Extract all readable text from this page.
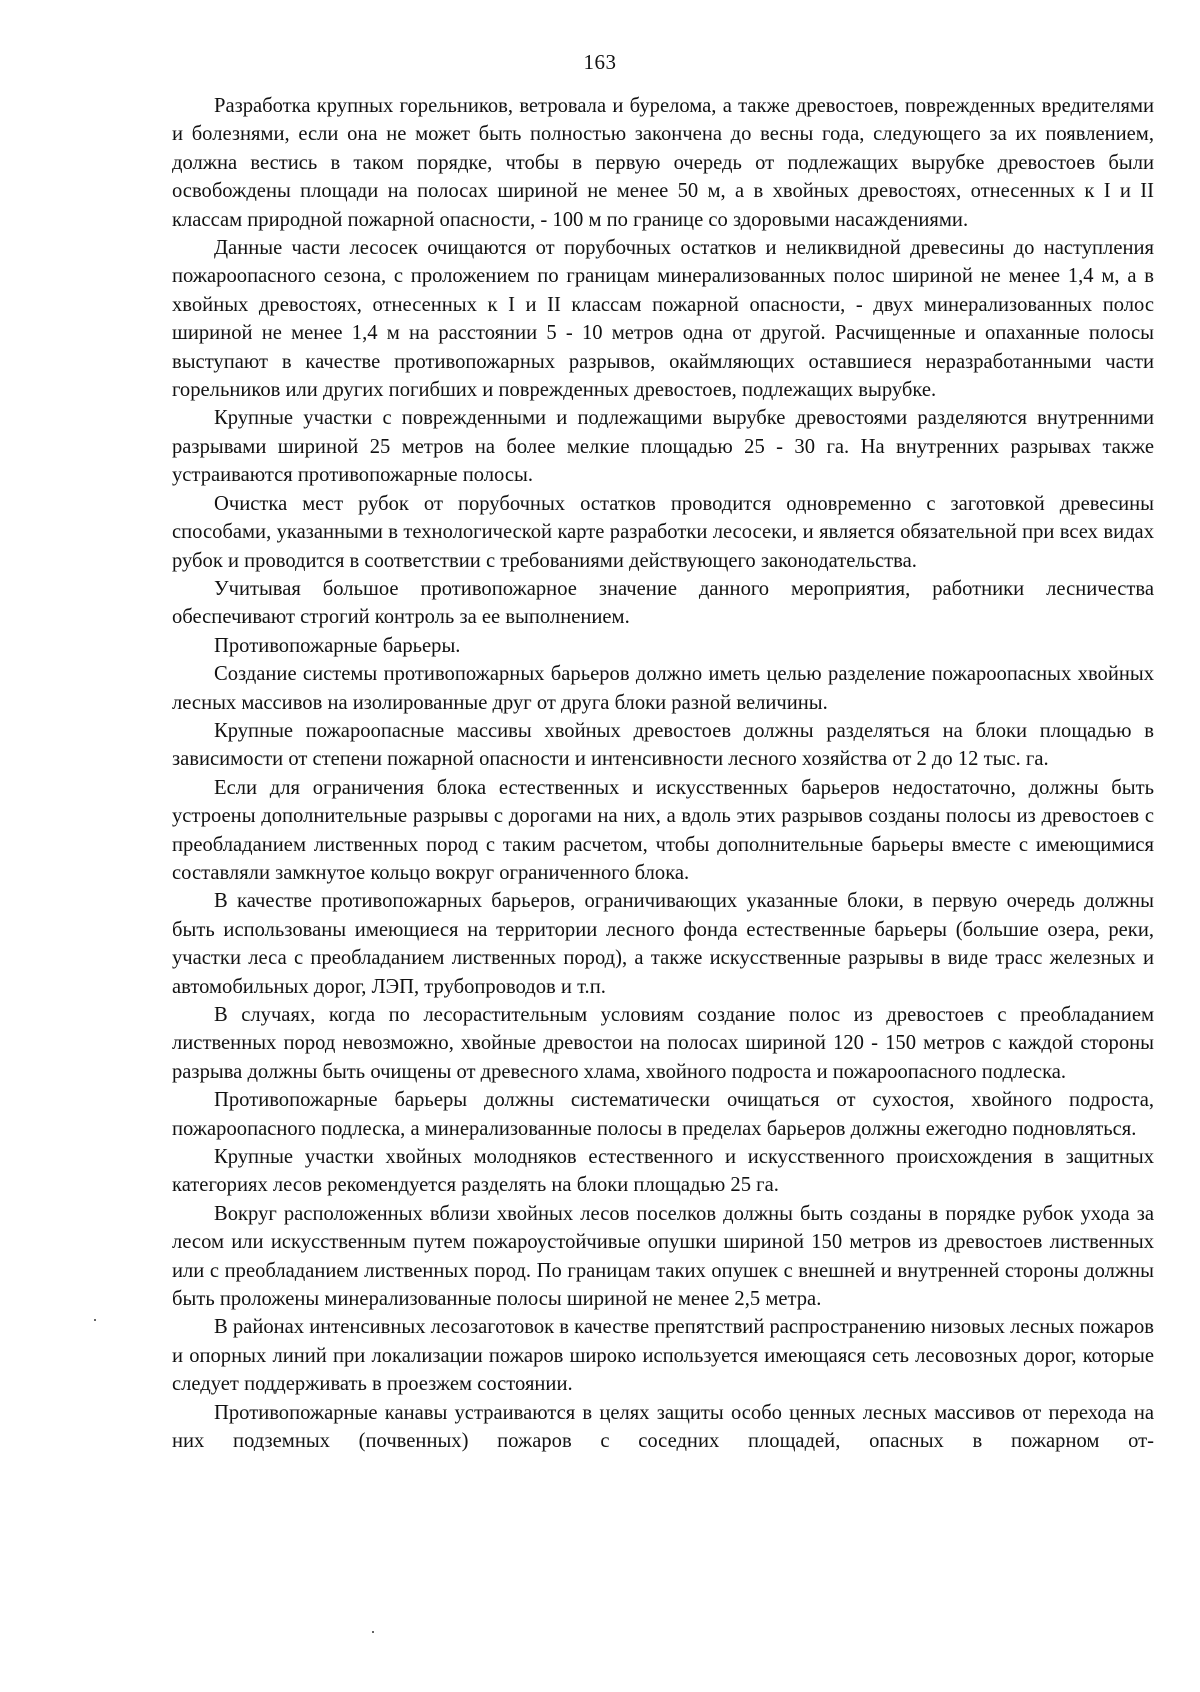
163

Разработка крупных горельников, ветровала и бурелома, а также древостоев, поврежденных вредителями и болезнями, если она не может быть полностью закончена до весны года, следующего за их появлением, должна вестись в таком порядке, чтобы в первую очередь от подлежащих вырубке древостоев были освобождены площади на полосах шириной не менее 50 м, а в хвойных древостоях, отнесенных к I и II классам природной пожарной опасности, - 100 м по границе со здоровыми насаждениями.

Данные части лесосек очищаются от порубочных остатков и неликвидной древесины до наступления пожароопасного сезона, с проложением по границам минерализованных полос шириной не менее 1,4 м, а в хвойных древостоях, отнесенных к I и II классам пожарной опасности, - двух минерализованных полос шириной не менее 1,4 м на расстоянии 5 - 10 метров одна от другой. Расчищенные и опаханные полосы выступают в качестве противопожарных разрывов, окаймляющих оставшиеся неразработанными части горельников или других погибших и поврежденных древостоев, подлежащих вырубке.

Крупные участки с поврежденными и подлежащими вырубке древостоями разделяются внутренними разрывами шириной 25 метров на более мелкие площадью 25 - 30 га. На внутренних разрывах также устраиваются противопожарные полосы.

Очистка мест рубок от порубочных остатков проводится одновременно с заготовкой древесины способами, указанными в технологической карте разработки лесосеки, и является обязательной при всех видах рубок и проводится в соответствии с требованиями действующего законодательства.

Учитывая большое противопожарное значение данного мероприятия, работники лесничества обеспечивают строгий контроль за ее выполнением.

Противопожарные барьеры.

Создание системы противопожарных барьеров должно иметь целью разделение пожароопасных хвойных лесных массивов на изолированные друг от друга блоки разной величины.

Крупные пожароопасные массивы хвойных древостоев должны разделяться на блоки площадью в зависимости от степени пожарной опасности и интенсивности лесного хозяйства от 2 до 12 тыс. га.

Если для ограничения блока естественных и искусственных барьеров недостаточно, должны быть устроены дополнительные разрывы с дорогами на них, а вдоль этих разрывов созданы полосы из древостоев с преобладанием лиственных пород с таким расчетом, чтобы дополнительные барьеры вместе с имеющимися составляли замкнутое кольцо вокруг ограниченного блока.

В качестве противопожарных барьеров, ограничивающих указанные блоки, в первую очередь должны быть использованы имеющиеся на территории лесного фонда естественные барьеры (большие озера, реки, участки леса с преобладанием лиственных пород), а также искусственные разрывы в виде трасс железных и автомобильных дорог, ЛЭП, трубопроводов и т.п.

В случаях, когда по лесорастительным условиям создание полос из древостоев с преобладанием лиственных пород невозможно, хвойные древостои на полосах шириной 120 - 150 метров с каждой стороны разрыва должны быть очищены от древесного хлама, хвойного подроста и пожароопасного подлеска.

Противопожарные барьеры должны систематически очищаться от сухостоя, хвойного подроста, пожароопасного подлеска, а минерализованные полосы в пределах барьеров должны ежегодно подновляться.

Крупные участки хвойных молодняков естественного и искусственного происхождения в защитных категориях лесов рекомендуется разделять на блоки площадью 25 га.

Вокруг расположенных вблизи хвойных лесов поселков должны быть созданы в порядке рубок ухода за лесом или искусственным путем пожароустойчивые опушки шириной 150 метров из древостоев лиственных или с преобладанием лиственных пород. По границам таких опушек с внешней и внутренней стороны должны быть проложены минерализованные полосы шириной не менее 2,5 метра.

В районах интенсивных лесозаготовок в качестве препятствий распространению низовых лесных пожаров и опорных линий при локализации пожаров широко используется имеющаяся сеть лесовозных дорог, которые следует поддерживать в проезжем состоянии.

Противопожарные канавы устраиваются в целях защиты особо ценных лесных массивов от перехода на них подземных (почвенных) пожаров с соседних площадей, опасных в пожарном от-
